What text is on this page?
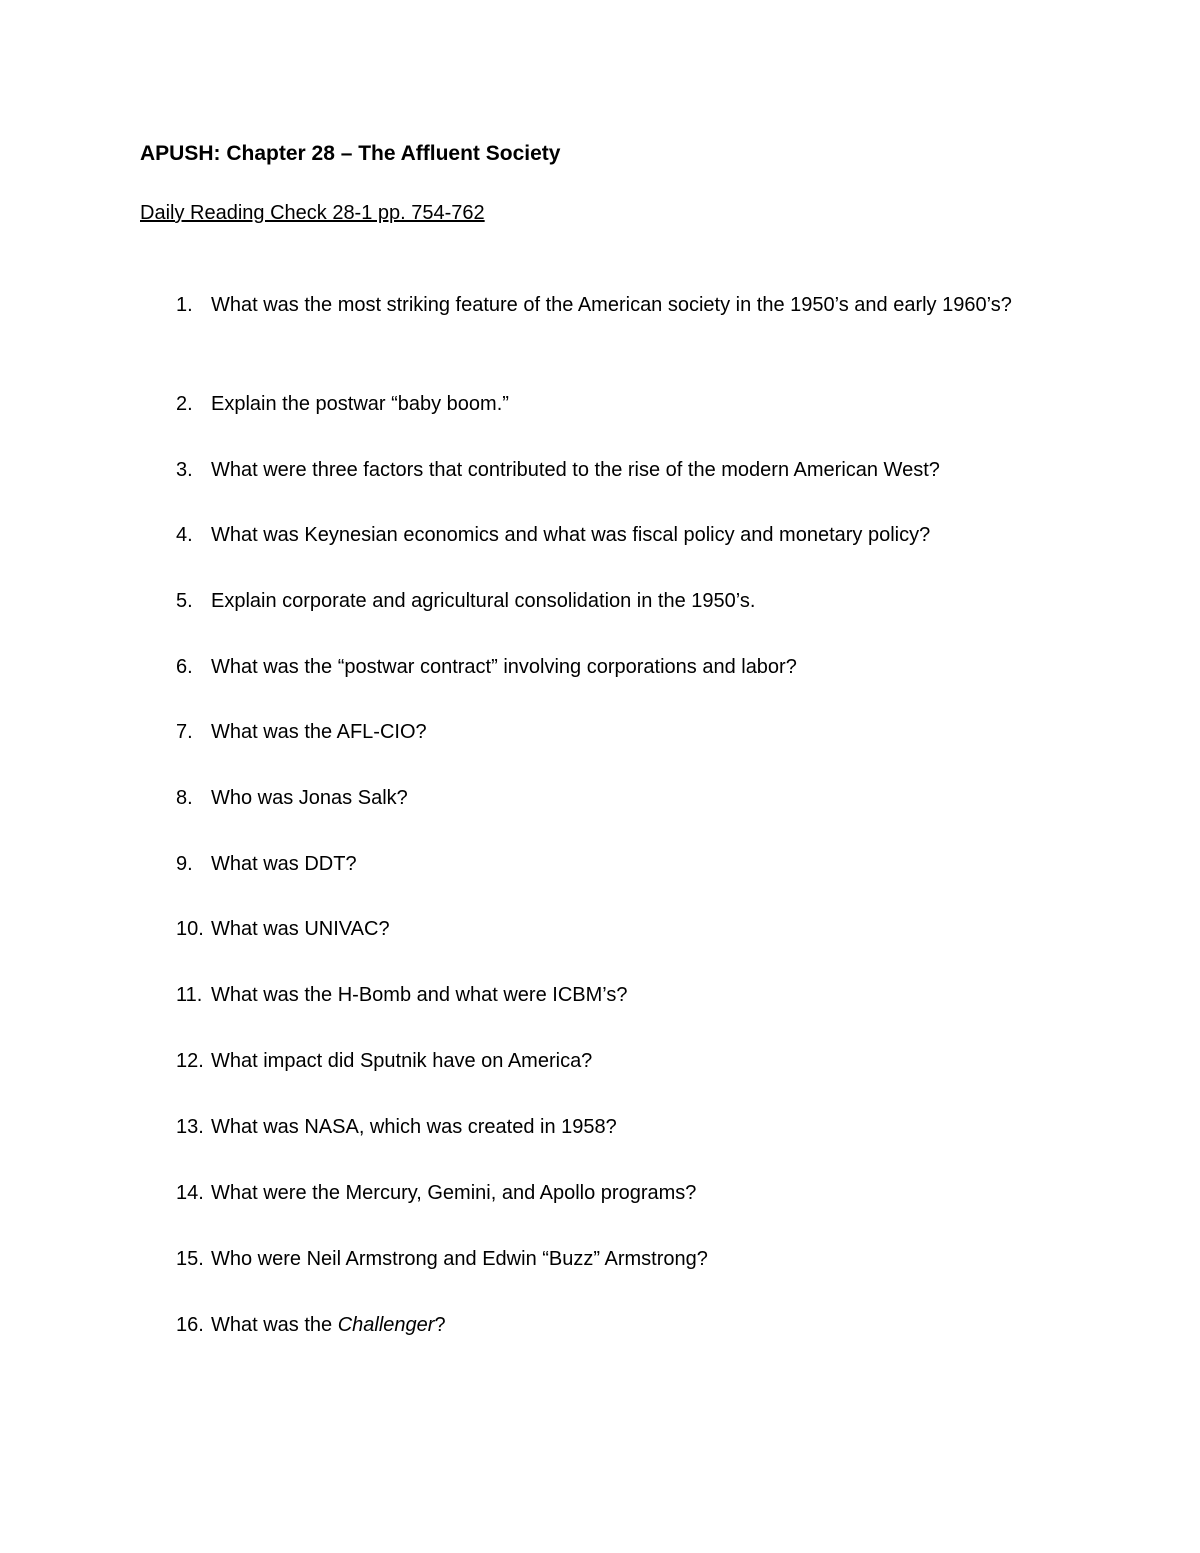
APUSH: Chapter 28 – The Affluent Society
Daily Reading Check 28-1 pp. 754-762
1. What was the most striking feature of the American society in the 1950’s and early 1960’s?
2. Explain the postwar “baby boom.”
3. What were three factors that contributed to the rise of the modern American West?
4. What was Keynesian economics and what was fiscal policy and monetary policy?
5. Explain corporate and agricultural consolidation in the 1950’s.
6. What was the “postwar contract” involving corporations and labor?
7. What was the AFL-CIO?
8. Who was Jonas Salk?
9. What was DDT?
10. What was UNIVAC?
11. What was the H-Bomb and what were ICBM’s?
12. What impact did Sputnik have on America?
13. What was NASA, which was created in 1958?
14. What were the Mercury, Gemini, and Apollo programs?
15. Who were Neil Armstrong and Edwin “Buzz” Armstrong?
16. What was the Challenger?
